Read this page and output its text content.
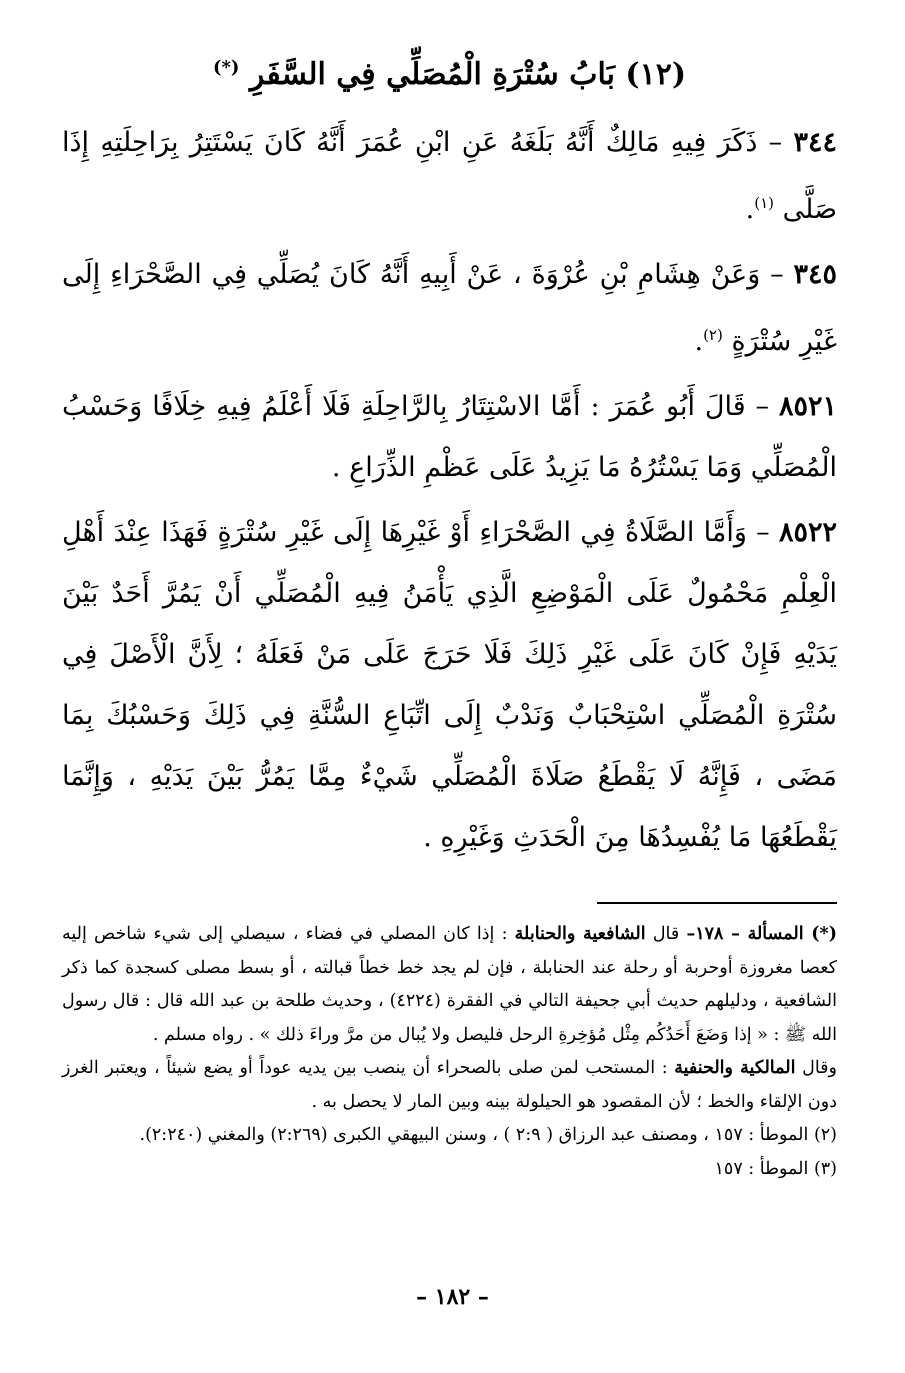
(١٢) بَابُ سُتْرَةِ الْمُصَلِّي فِي السَّفَرِ (*)

٣٤٤ – ذَكَرَ فِيهِ مَالِكٌ أَنَّهُ بَلَغَهُ عَنِ ابْنِ عُمَرَ أَنَّهُ كَانَ يَسْتَتِرُ بِرَاحِلَتِهِ إِذَا صَلَّى $^{(١)}$.

٣٤٥ – وَعَنْ هِشَامِ بْنِ عُرْوَةَ ، عَنْ أَبِيهِ أَنَّهُ كَانَ يُصَلِّي فِي الصَّحْرَاءِ إِلَى غَيْرِ سُتْرَةٍ $^{(٢)}$.

٨٥٢١ – قَالَ أَبُو عُمَرَ : أَمَّا الاسْتِتَارُ بِالرَّاحِلَةِ فَلَا أَعْلَمُ فِيهِ خِلَافًا وَحَسْبُ الْمُصَلِّي وَمَا يَسْتُرُهُ مَا يَزِيدُ عَلَى عَظْمِ الذِّرَاعِ .

٨٥٢٢ – وَأَمَّا الصَّلَاةُ فِي الصَّحْرَاءِ أَوْ غَيْرِهَا إِلَى غَيْرِ سُتْرَةٍ فَهَذَا عِنْدَ أَهْلِ الْعِلْمِ مَحْمُولٌ عَلَى الْمَوْضِعِ الَّذِي يَأْمَنُ فِيهِ الْمُصَلِّي أَنْ يَمُرَّ أَحَدٌ بَيْنَ يَدَيْهِ فَإِنْ كَانَ عَلَى غَيْرِ ذَلِكَ فَلَا حَرَجَ عَلَى مَنْ فَعَلَهُ ؛ لِأَنَّ الْأَصْلَ فِي سُتْرَةِ الْمُصَلِّي اسْتِحْبَابٌ وَنَدْبٌ إِلَى اتِّبَاعِ السُّنَّةِ فِي ذَلِكَ وَحَسْبُكَ بِمَا مَضَى ، فَإِنَّهُ لَا يَقْطَعُ صَلَاةَ الْمُصَلِّي شَيْءٌ مِمَّا يَمُرُّ بَيْنَ يَدَيْهِ ، وَإِنَّمَا يَقْطَعُهَا مَا يُفْسِدُهَا مِنَ الْحَدَثِ وَغَيْرِهِ .

(*) المسألة – ١٧٨– قال الشافعية والحنابلة : إذا كان المصلي في فضاء ، سيصلي إلى شيء شاخص إليه كعصا مغروزة أوحربة أو رحلة عند الحنابلة ، فإن لم يجد خط خطاً قبالته ، أو بسط مصلى كسجدة كما ذكر الشافعية ، ودليلهم حديث أبي جحيفة التالي في الفقرة (٤٢٢٤) ، وحديث طلحة بن عبد الله قال : قال رسول الله ﷺ : « إذا وَضَعَ أَحَدُكُم مِثْل مُؤخِرةِ الرحل فليصل ولا يُبال من مرَّ وراءَ ذلك » . رواه مسلم .

وقال المالكية والحنفية : المستحب لمن صلى بالصحراء أن ينصب بين يديه عوداً أو يضع شيئاً ، ويعتبر الغرز دون الإلقاء والخط ؛ لأن المقصود هو الحيلولة بينه وبين المار لا يحصل به .

(٢) الموطأ : ١٥٧ ، ومصنف عبد الرزاق ( ٢:٩ ) ، وسنن البيهقي الكبرى (٢:٢٦٩) والمغني (٢:٢٤٠).

(٣) الموطأ : ١٥٧

– ١٨٢ –
